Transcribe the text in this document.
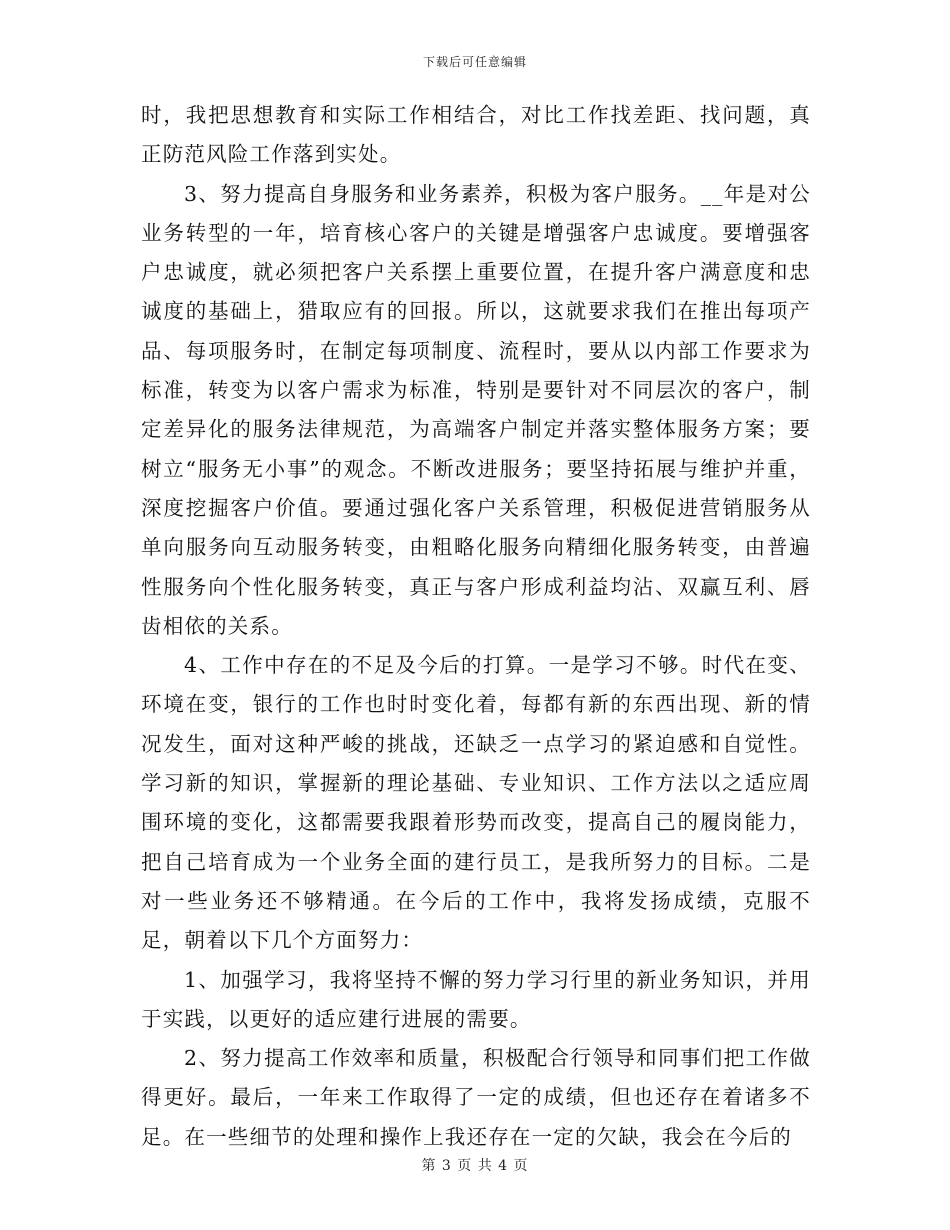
下载后可任意编辑

时，我把思想教育和实际工作相结合，对比工作找差距、找问题，真正防范风险工作落到实处。

3、努力提高自身服务和业务素养，积极为客户服务。__年是对公业务转型的一年，培育核心客户的关键是增强客户忠诚度。要增强客户忠诚度，就必须把客户关系摆上重要位置，在提升客户满意度和忠诚度的基础上，猎取应有的回报。所以，这就要求我们在推出每项产品、每项服务时，在制定每项制度、流程时，要从以内部工作要求为标准，转变为以客户需求为标准，特别是要针对不同层次的客户，制定差异化的服务法律规范，为高端客户制定并落实整体服务方案；要树立“服务无小事”的观念。不断改进服务；要坚持拓展与维护并重，深度挖掘客户价值。要通过强化客户关系管理，积极促进营销服务从单向服务向互动服务转变，由粗略化服务向精细化服务转变，由普遍性服务向个性化服务转变，真正与客户形成利益均沾、双赢互利、唇齿相依的关系。

4、工作中存在的不足及今后的打算。一是学习不够。时代在变、环境在变，银行的工作也时时变化着，每都有新的东西出现、新的情况发生，面对这种严峻的挑战，还缺乏一点学习的紧迫感和自觉性。学习新的知识，掌握新的理论基础、专业知识、工作方法以之适应周围环境的变化，这都需要我跟着形势而改变，提高自己的履岗能力，把自己培育成为一个业务全面的建行员工，是我所努力的目标。二是对一些业务还不够精通。在今后的工作中，我将发扬成绩，克服不足，朝着以下几个方面努力：

1、加强学习，我将坚持不懈的努力学习行里的新业务知识，并用于实践，以更好的适应建行进展的需要。

2、努力提高工作效率和质量，积极配合行领导和同事们把工作做得更好。最后，一年来工作取得了一定的成绩，但也还存在着诸多不足。在一些细节的处理和操作上我还存在一定的欠缺，我会在今后的

第 3 页 共 4 页
